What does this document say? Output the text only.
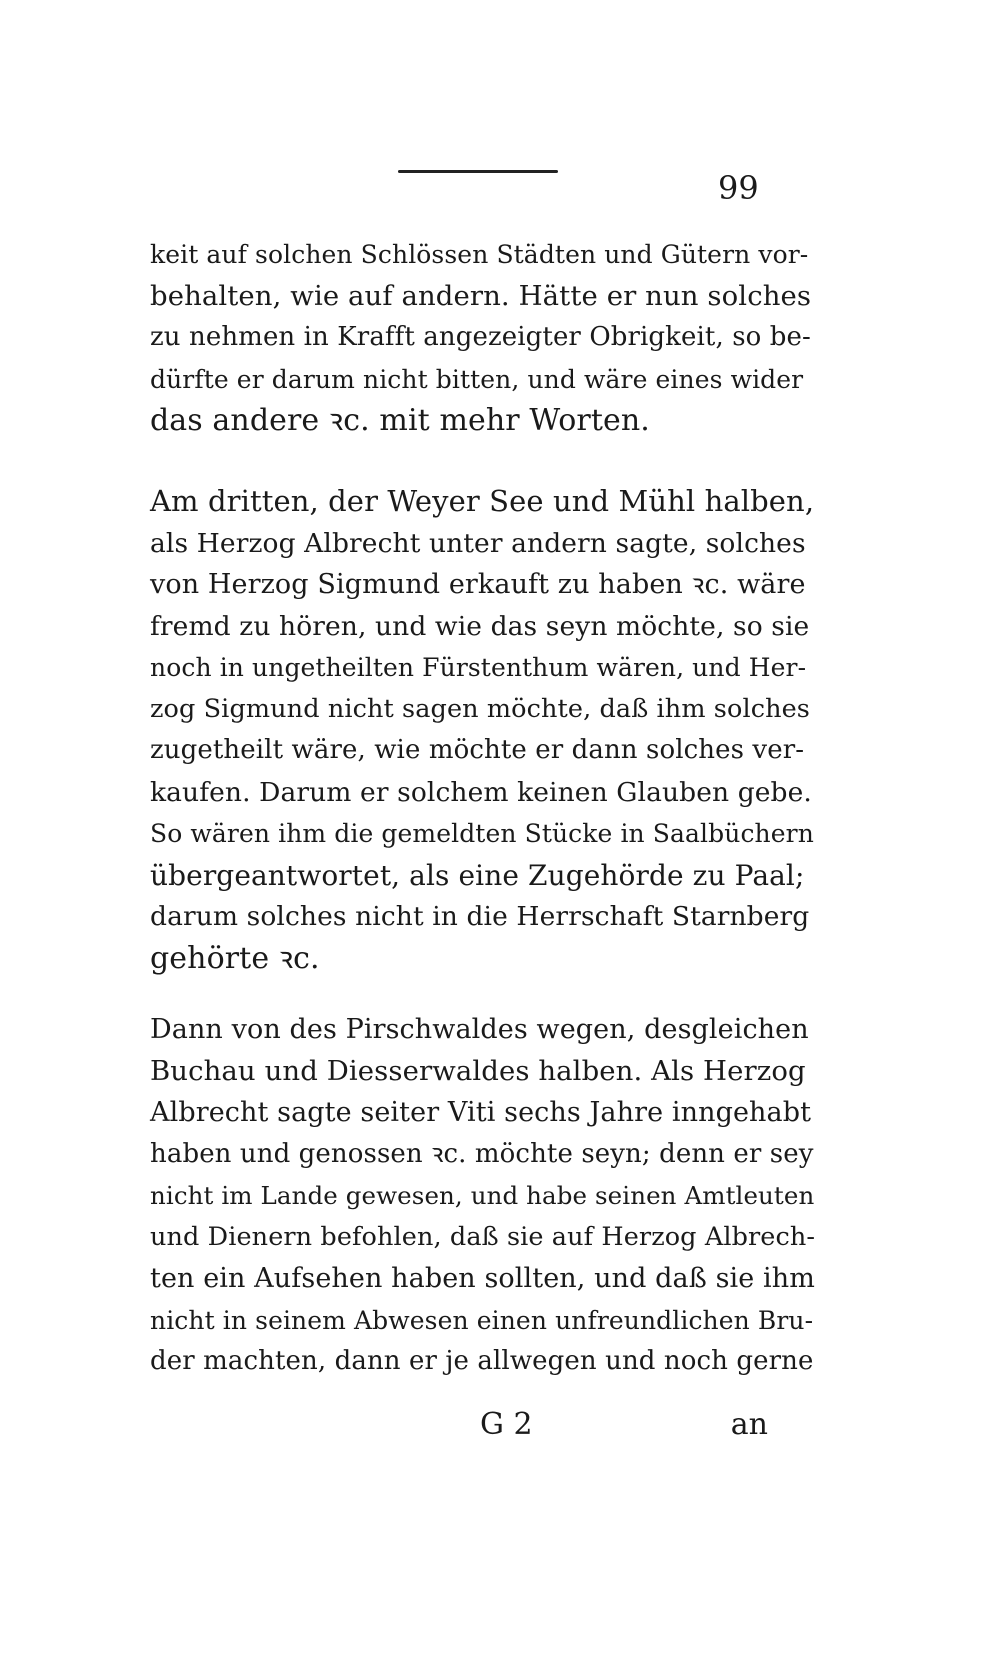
99
keit auf solchen Schlössen Städten und Gütern vor-
behalten, wie auf andern. Hätte er nun solches
zu nehmen in Krafft angezeigter Obrigkeit, so be-
dürfte er darum nicht bitten, und wäre eines wider
das andere ꝛc. mit mehr Worten.
Am dritten, der Weyer See und Mühl halben,
als Herzog Albrecht unter andern sagte, solches
von Herzog Sigmund erkauft zu haben ꝛc. wäre
fremd zu hören, und wie das seyn möchte, so sie
noch in ungetheilten Fürstenthum wären, und Her-
zog Sigmund nicht sagen möchte, daß ihm solches
zugetheilt wäre, wie möchte er dann solches ver-
kaufen. Darum er solchem keinen Glauben gebe.
So wären ihm die gemeldten Stücke in Saalbüchern
übergeantwortet, als eine Zugehörde zu Paal;
darum solches nicht in die Herrschaft Starnberg
gehörte ꝛc.
Dann von des Pirschwaldes wegen, desgleichen
Buchau und Diesserwaldes halben. Als Herzog
Albrecht sagte seiter Viti sechs Jahre inngehabt
haben und genossen ꝛc. möchte seyn; denn er sey
nicht im Lande gewesen, und habe seinen Amtleuten
und Dienern befohlen, daß sie auf Herzog Albrech-
ten ein Aufsehen haben sollten, und daß sie ihm
nicht in seinem Abwesen einen unfreundlichen Bru-
der machten, dann er je allwegen und noch gerne
G 2	an
